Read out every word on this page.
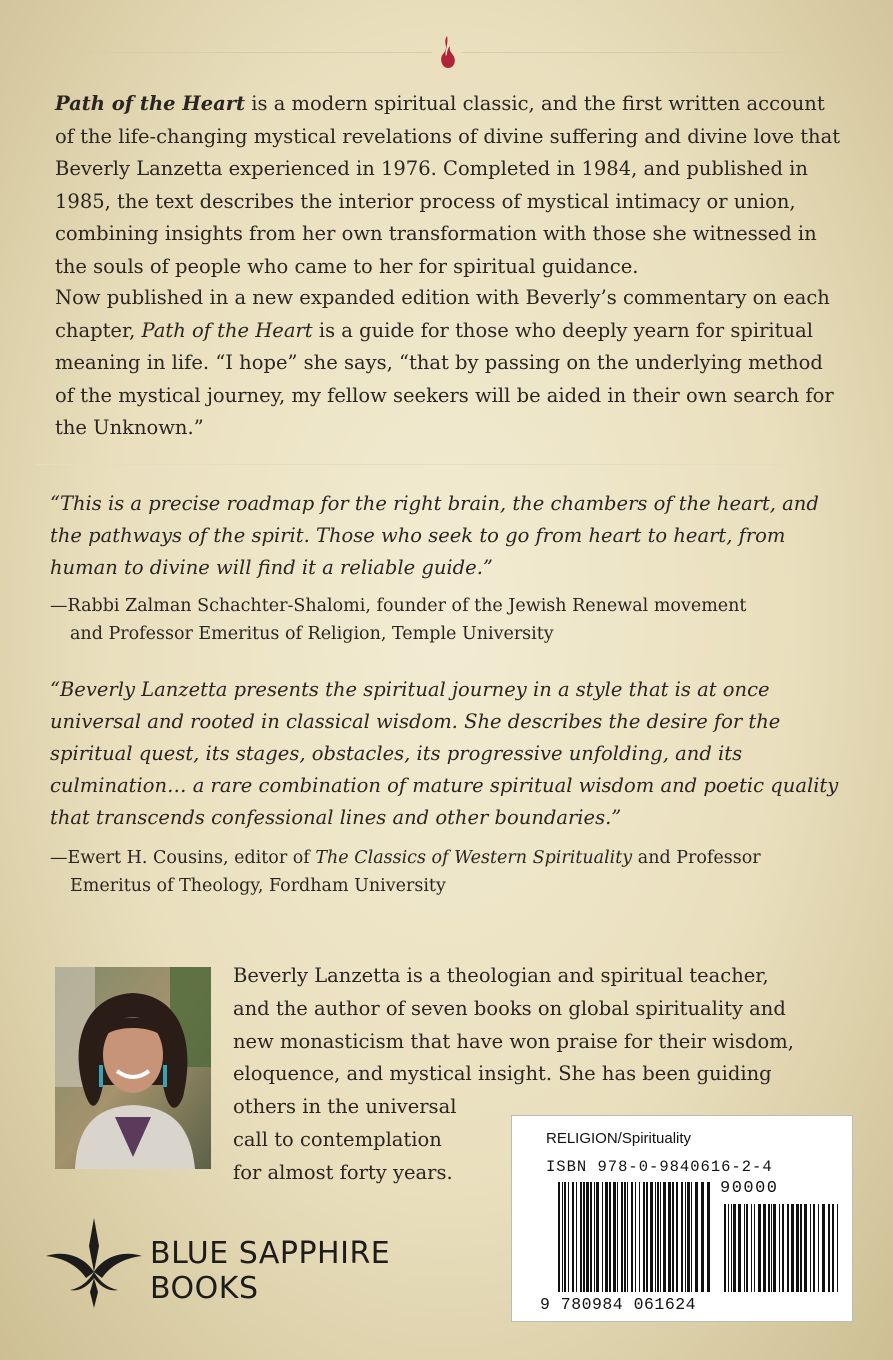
Path of the Heart is a modern spiritual classic, and the first written account of the life-changing mystical revelations of divine suffering and divine love that Beverly Lanzetta experienced in 1976. Completed in 1984, and published in 1985, the text describes the interior process of mystical intimacy or union, combining insights from her own transformation with those she witnessed in the souls of people who came to her for spiritual guidance.

Now published in a new expanded edition with Beverly’s commentary on each chapter, Path of the Heart is a guide for those who deeply yearn for spiritual meaning in life. “I hope” she says, “that by passing on the underlying method of the mystical journey, my fellow seekers will be aided in their own search for the Unknown.”

“This is a precise roadmap for the right brain, the chambers of the heart, and the pathways of the spirit. Those who seek to go from heart to heart, from human to divine will find it a reliable guide.”

—Rabbi Zalman Schachter-Shalomi, founder of the Jewish Renewal movement
and Professor Emeritus of Religion, Temple University

“Beverly Lanzetta presents the spiritual journey in a style that is at once universal and rooted in classical wisdom. She describes the desire for the spiritual quest, its stages, obstacles, its progressive unfolding, and its culmination… a rare combination of mature spiritual wisdom and poetic quality that transcends confessional lines and other boundaries.”

—Ewert H. Cousins, editor of The Classics of Western Spirituality and Professor
Emeritus of Theology, Fordham University

Beverly Lanzetta is a theologian and spiritual teacher,
and the author of seven books on global spirituality and
new monasticism that have won praise for their wisdom,
eloquence, and mystical insight. She has been guiding
others in the universal
call to contemplation
for almost forty years.

RELIGION/Spirituality
ISBN 978-0-9840616-2-4
90000
9 780984 061624
BLUE SAPPHIRE
BOOKS
